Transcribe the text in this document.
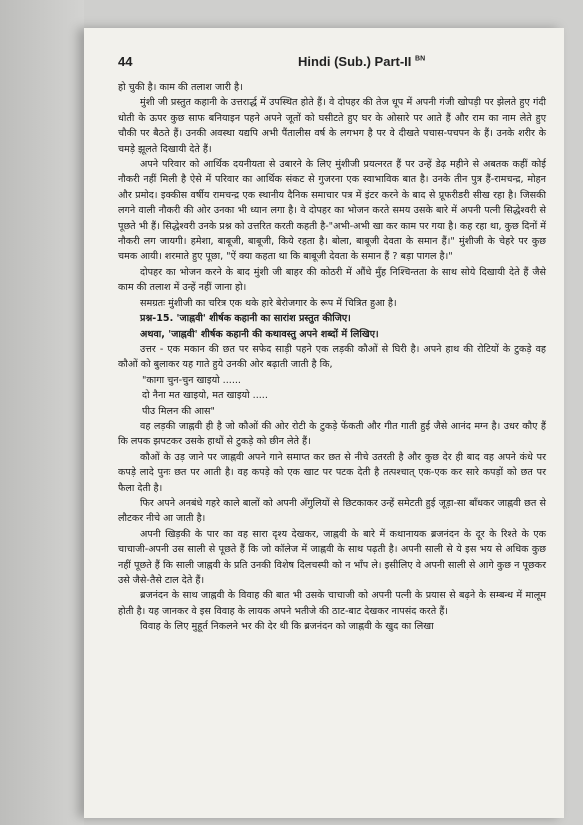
44	Hindi (Sub.) Part-II $^{BN}$

हो चुकी है। काम की तलाश जारी है।

मुंशी जी प्रस्तुत कहानी के उत्तरार्द्ध में उपस्थित होते हैं। वे दोपहर की तेज धूप में अपनी गंजी खोपड़ी पर झेलते हुए गंदी धोती के ऊपर कुछ साफ बनियाइन पहने अपने जूतों को घसीटते हुए घर के ओसारे पर आते हैं और राम का नाम लेते हुए चौकी पर बैठते हैं। उनकी अवस्था यद्यपि अभी पैंतालीस वर्ष के लगभग है पर वे दीखते पचास-पचपन के हैं। उनके शरीर के चमड़े झूलते दिखायी देते हैं।

अपने परिवार को आर्थिक दयनीयता से उबारने के लिए मुंशीजी प्रयत्नरत हैं पर उन्हें डेढ़ महीने से अबतक कहीं कोई नौकरी नहीं मिली है ऐसे में परिवार का आर्थिक संकट से गुजरना एक स्वाभाविक बात है। उनके तीन पुत्र हैं-रामचन्द्र, मोहन और प्रमोद। इक्कीस वर्षीय रामचन्द्र एक स्थानीय दैनिक समाचार पत्र में इंटर करने के बाद से प्रूफरीडरी सीख रहा है। जिसकी लगने वाली नौकरी की ओर उनका भी ध्यान लगा है। वे दोपहर का भोजन करते समय उसके बारे में अपनी पत्नी सिद्धेश्वरी से पूछते भी हैं। सिद्धेश्वरी उनके प्रश्न को उत्तरित करती कहती है-"अभी-अभी खा कर काम पर गया है। कह रहा था, कुछ दिनों में नौकरी लग जायगी। हमेशा, बाबूजी, बाबूजी, किये रहता है। बोला, बाबूजी देवता के समान हैं।" मुंशीजी के चेहरे पर कुछ चमक आयी। शरमाते हुए पूछा, "ऐं क्या कहता था कि बाबूजी देवता के समान हैं ? बड़ा पागल है।"

दोपहर का भोजन करने के बाद मुंशी जी बाहर की कोठरी में औंधे मुँह निश्चिन्तता के साथ सोये दिखायी देते हैं जैसे काम की तलाश में उन्हें नहीं जाना हो।

समग्रतः मुंशीजी का चरित्र एक थके हारे बेरोजगार के रूप में चित्रित हुआ है।

प्रश्न-15. 'जाह्नवी' शीर्षक कहानी का सारांश प्रस्तुत कीजिए।

अथवा, 'जाह्नवी' शीर्षक कहानी की कथावस्तु अपने शब्दों में लिखिए।

उत्तर - एक मकान की छत पर सफेद साड़ी पहने एक लड़की कौओं से घिरी है। अपने हाथ की रोटियों के टुकड़े वह कौओं को बुलाकर यह गाते हुये उनकी ओर बढ़ाती जाती है कि,

"कागा चुन-चुन खाइयो ......

दो नैना मत खाइयो, मत खाइयो .....

पीउ मिलन की आस"

वह लड़की जाह्नवी ही है जो कौओं की ओर रोटी के टुकड़े फेंकती और गीत गाती हुई जैसे आनंद मग्न है। उधर कौए हैं कि लपक झपटकर उसके हाथों से टुकड़े को छीन लेते हैं।

कौओं के उड़ जाने पर जाह्नवी अपने गाने समाप्त कर छत से नीचे उतरती है और कुछ देर ही बाद वह अपने कंधे पर कपड़े लादे पुनः छत पर आती है। वह कपड़े को एक खाट पर पटक देती है तत्पश्चात् एक-एक कर सारे कपड़ों को छत पर फैला देती है।

फिर अपने अनबंधे गहरे काले बालों को अपनी अँगुलियों से छिटकाकर उन्हें समेटती हुई जूड़ा-सा बाँधकर जाह्नवी छत से लौटकर नीचे आ जाती है।

अपनी खिड़की के पार का वह सारा दृश्य देखकर, जाह्नवी के बारे में कथानायक ब्रजनंदन के दूर के रिश्ते के एक चाचाजी-अपनी उस साली से पूछते हैं कि जो कॉलेज में जाह्नवी के साथ पढ़ती है। अपनी साली से ये इस भय से अधिक कुछ नहीं पूछते हैं कि साली जाह्नवी के प्रति उनकी विशेष दिलचस्पी को न भाँप ले। इसीलिए वे अपनी साली से आगे कुछ न पूछकर उसे जैसे-तैसे टाल देते हैं।

ब्रजनंदन के साथ जाह्नवी के विवाह की बात भी उसके चाचाजी को अपनी पत्नी के प्रयास से बढ़ने के सम्बन्ध में मालूम होती है। यह जानकर वे इस विवाह के लायक अपने भतीजे की ठाट-बाट देखकर नापसंद करते हैं।

विवाह के लिए मुहूर्त निकलने भर की देर थी कि ब्रजनंदन को जाह्नवी के खुद का लिखा
